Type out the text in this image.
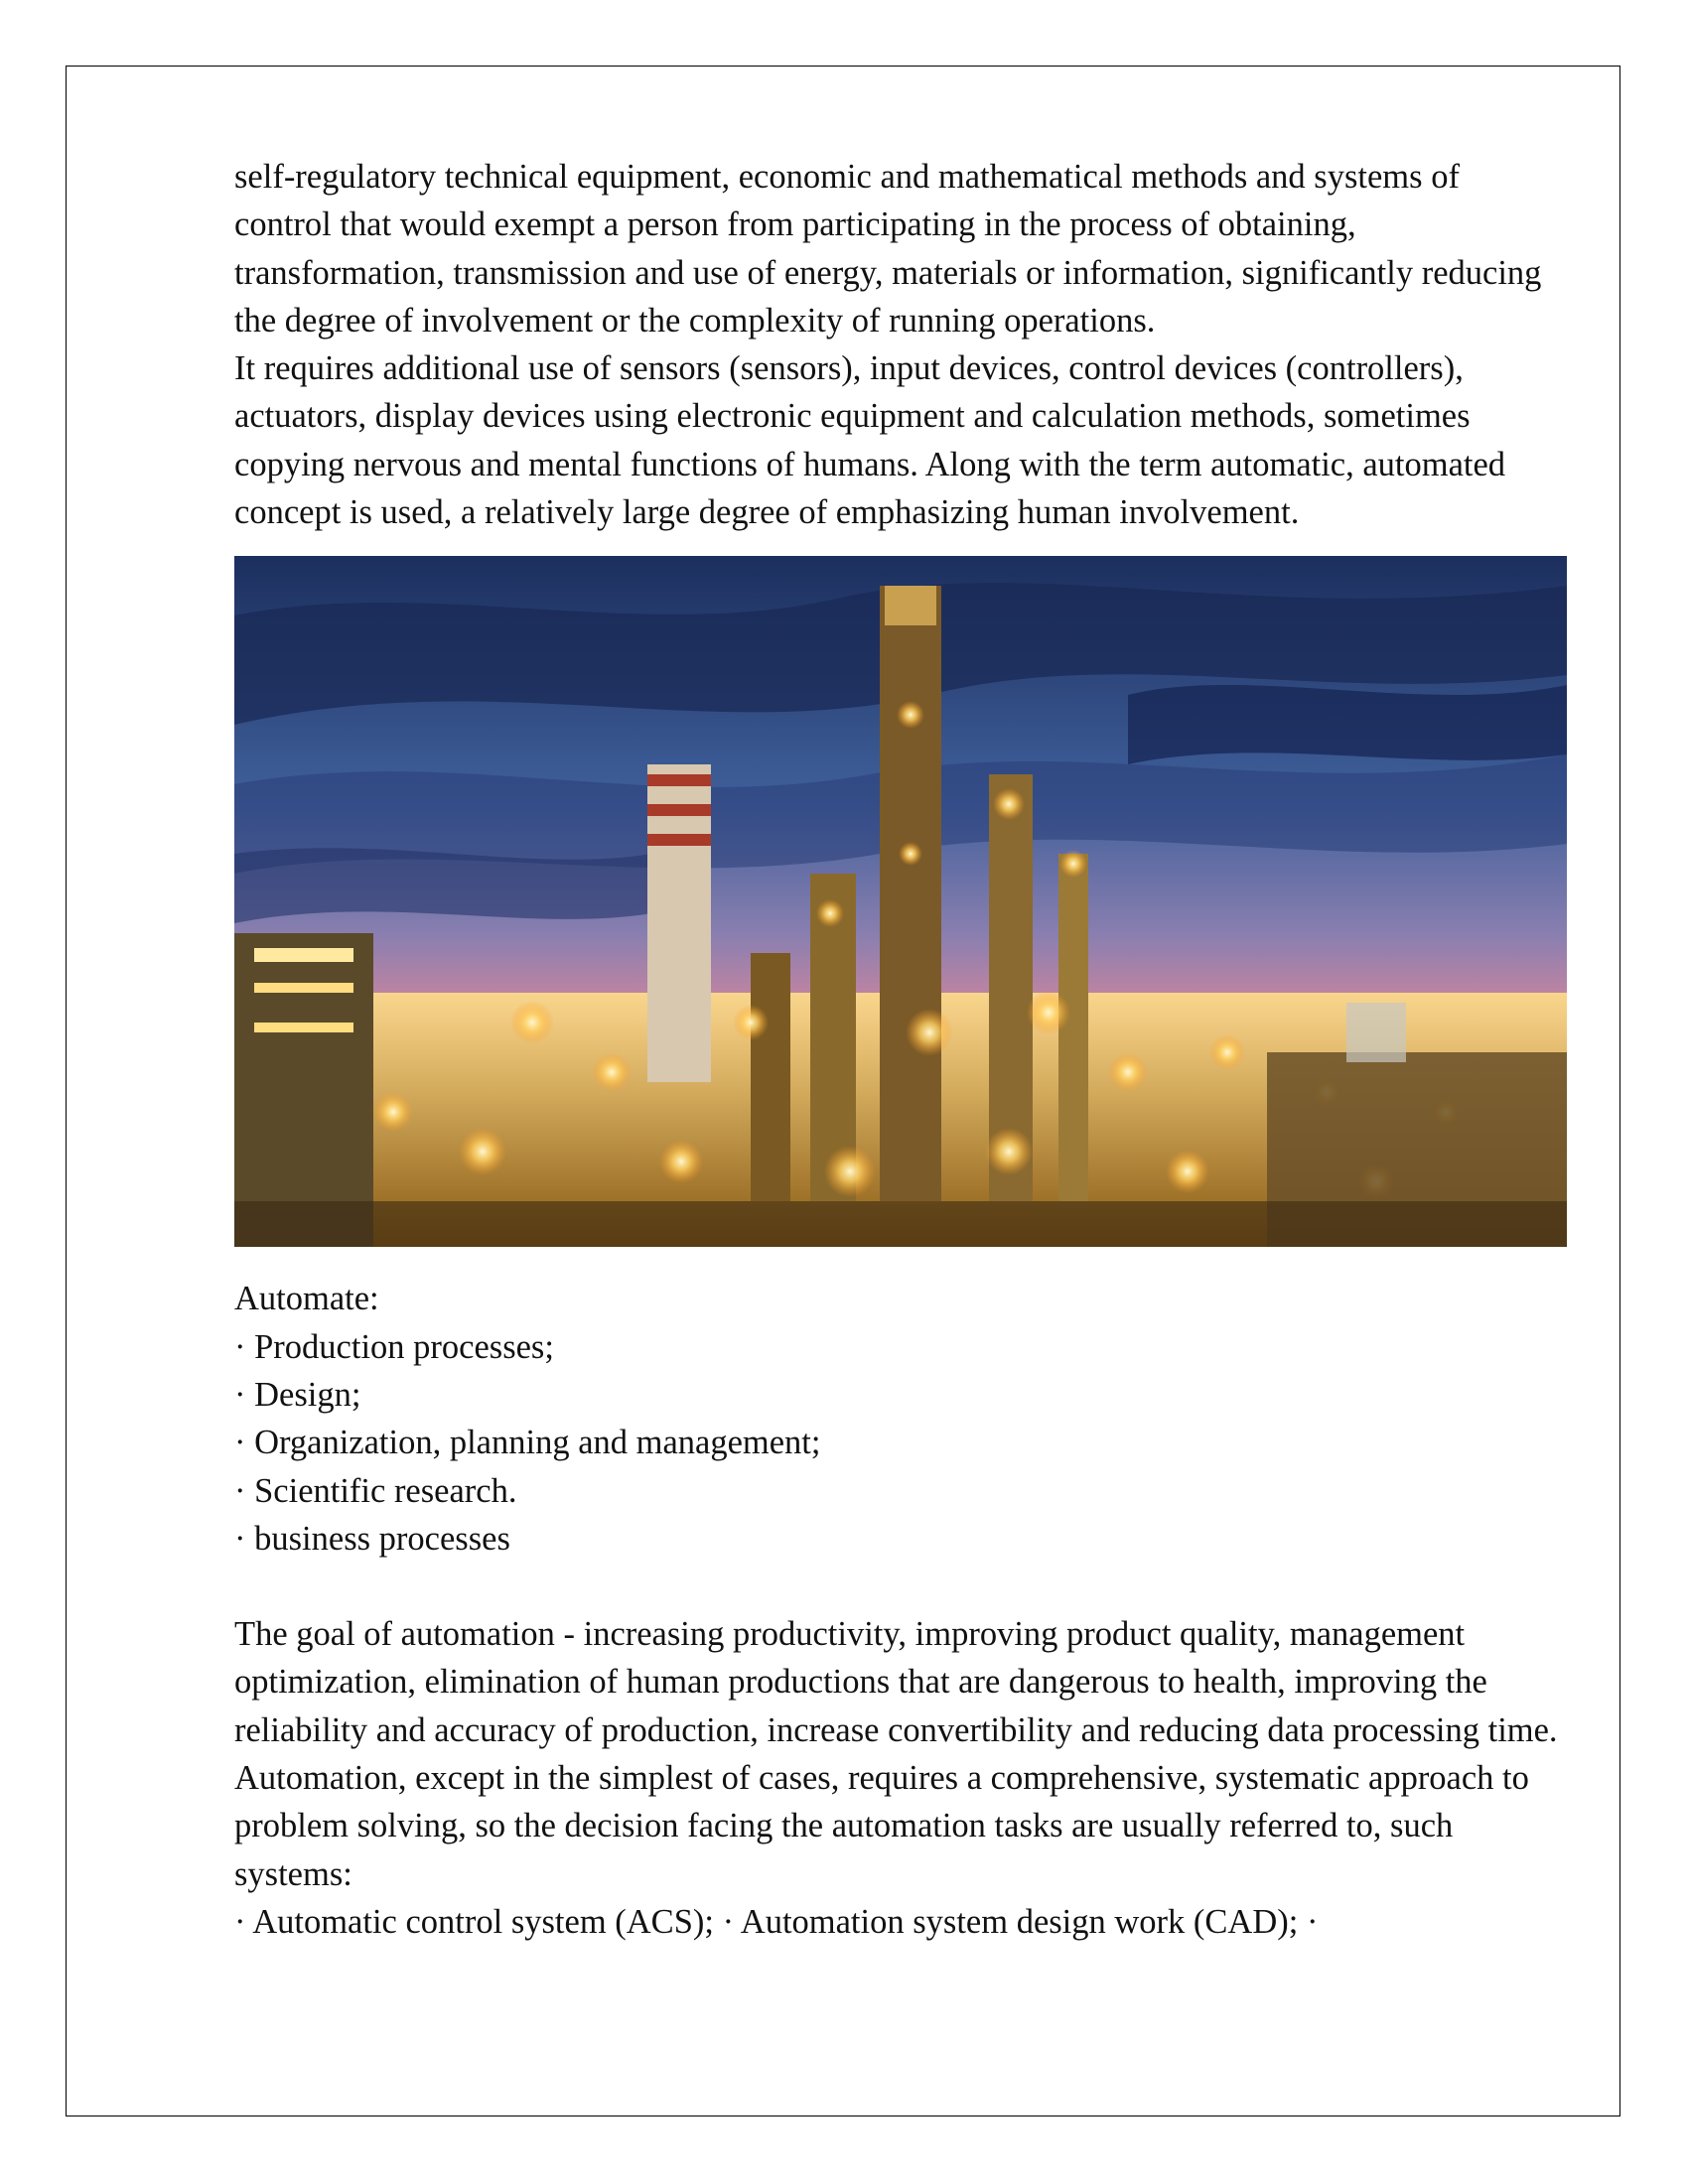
self-regulatory technical equipment, economic and mathematical methods and systems of control that would exempt a person from participating in the process of obtaining, transformation, transmission and use of energy, materials or information, significantly reducing the degree of involvement or the complexity of running operations.

It requires additional use of sensors (sensors), input devices, control devices (controllers), actuators, display devices using electronic equipment and calculation methods, sometimes copying nervous and mental functions of humans. Along with the term automatic, automated concept is used, a relatively large degree of emphasizing human involvement.

Automate:

· Production processes;
· Design;
· Organization, planning and management;
· Scientific research.
· business processes

The goal of automation - increasing productivity, improving product quality, management optimization, elimination of human productions that are dangerous to health, improving the reliability and accuracy of production, increase convertibility and reducing data processing time. Automation, except in the simplest of cases, requires a comprehensive, systematic approach to problem solving, so the decision facing the automation tasks are usually referred to, such systems:

· Automatic control system (ACS); · Automation system design work (CAD); ·
